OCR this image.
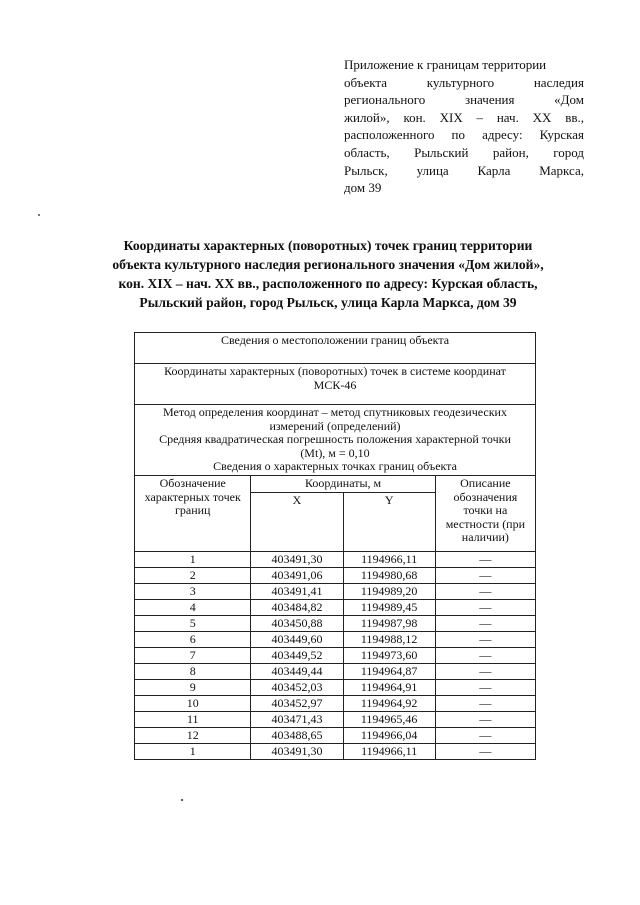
Приложение к границам территории
объекта культурного наследия
регионального значения «Дом
жилой», кон. XIX – нач. XX вв.,
расположенного по адресу: Курская
область, Рыльский район, город
Рыльск, улица Карла Маркса,
дом 39
Координаты характерных (поворотных) точек границ территории
объекта культурного наследия регионального значения «Дом жилой»,
кон. XIX – нач. XX вв., расположенного по адресу: Курская область,
Рыльский район, город Рыльск, улица Карла Маркса, дом 39
Сведения о местоположении границ объекта			
Координаты характерных (поворотных) точек в системе координат МСК-46			

Метод определения координат – метод спутниковых геодезических измерений (определений)
Средняя квадратическая погрешность положения характерной точки (Mt), м = 0,10
Сведения о характерных точках границ объекта			

Обозначение характерных точек границ	Координаты, м		Описание обозначения точки на местности (при наличии)
	X	Y	
1	403491,30	1194966,11	—
2	403491,06	1194980,68	—
3	403491,41	1194989,20	—
4	403484,82	1194989,45	—
5	403450,88	1194987,98	—
6	403449,60	1194988,12	—
7	403449,52	1194973,60	—
8	403449,44	1194964,87	—
9	403452,03	1194964,91	—
10	403452,97	1194964,92	—
11	403471,43	1194965,46	—
12	403488,65	1194966,04	—
1	403491,30	1194966,11	—
